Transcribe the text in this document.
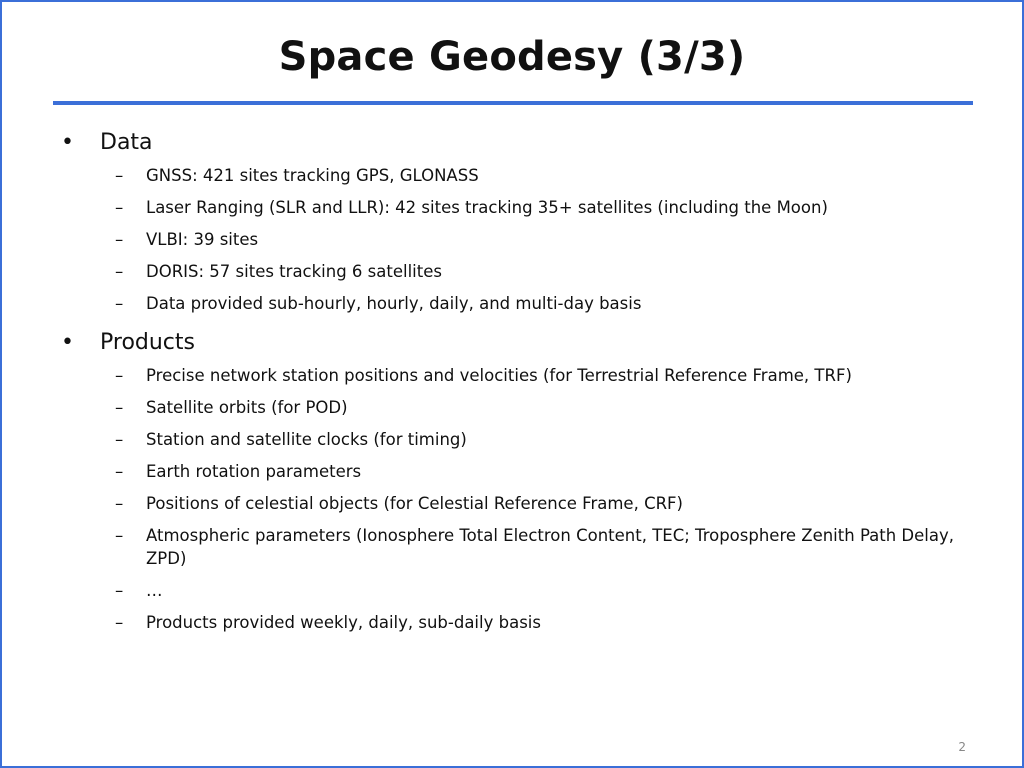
Space Geodesy (3/3)
• Data
– GNSS: 421 sites tracking GPS, GLONASS
– Laser Ranging (SLR and LLR): 42 sites tracking 35+ satellites (including the Moon)
– VLBI: 39 sites
– DORIS: 57 sites tracking 6 satellites
– Data provided sub-hourly, hourly, daily, and multi-day basis
• Products
– Precise network station positions and velocities (for Terrestrial Reference Frame, TRF)
– Satellite orbits (for POD)
– Station and satellite clocks (for timing)
– Earth rotation parameters
– Positions of celestial objects (for Celestial Reference Frame, CRF)
– Atmospheric parameters (Ionosphere Total Electron Content, TEC; Troposphere Zenith Path Delay, ZPD)
– …
– Products provided weekly, daily, sub-daily basis
2
